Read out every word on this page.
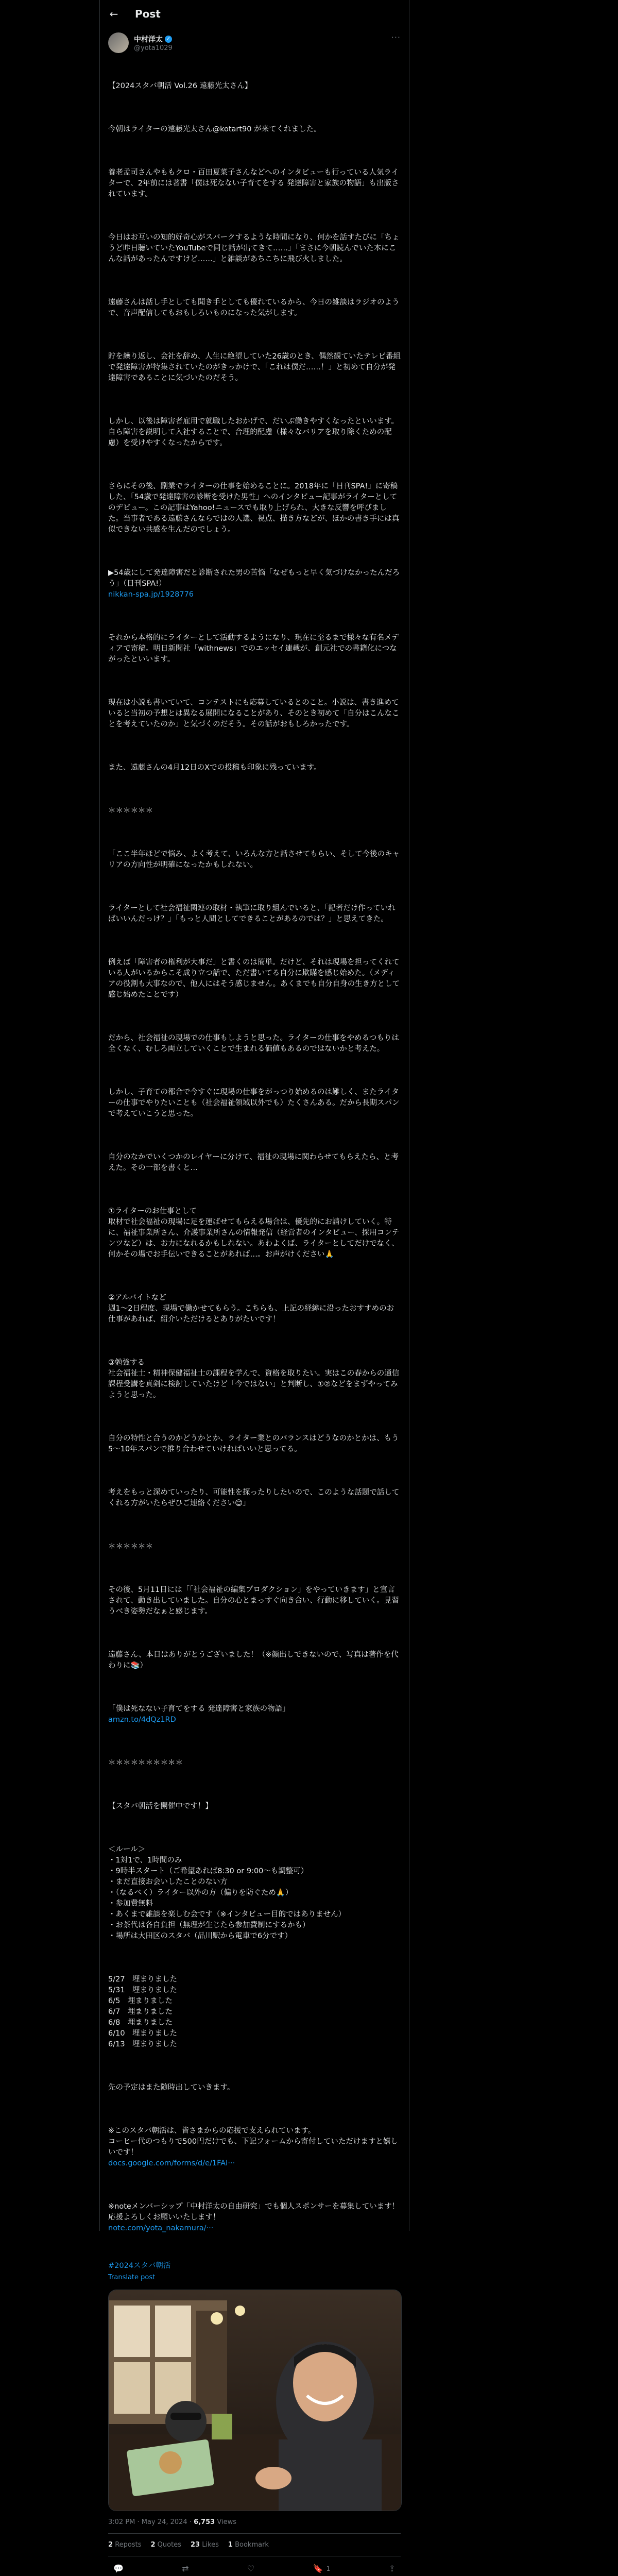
← Post
中村洋太 ✓
@yota1029
···

【2024スタバ朝活 Vol.26 遠藤光太さん】

今朝はライターの遠藤光太さん@kotart90 が来てくれました。

養老孟司さんやももクロ・百田夏菜子さんなどへのインタビューも行っている人気ライターで、2年前には著書「僕は死なない子育てをする 発達障害と家族の物語」も出版されています。

今日はお互いの知的好奇心がスパークするような時間になり、何かを話すたびに「ちょうど昨日聴いていたYouTubeで同じ話が出てきて……」「まさに今朝読んでいた本にこんな話があったんですけど……」と雑談があちこちに飛び火しました。

遠藤さんは話し手としても聞き手としても優れているから、今日の雑談はラジオのようで、音声配信してもおもしろいものになった気がします。

貯を繰り返し、会社を辞め、人生に絶望していた26歳のとき、偶然観ていたテレビ番組で発達障害が特集されていたのがきっかけで、「これは僕だ……！」と初めて自分が発達障害であることに気づいたのだそう。

しかし、以後は障害者雇用で就職したおかげで、だいぶ働きやすくなったといいます。自ら障害を説明して入社することで、合理的配慮（様々なバリアを取り除くための配慮）を受けやすくなったからです。

さらにその後、副業でライターの仕事を始めることに。2018年に「日刊SPA!」に寄稿した、「54歳で発達障害の診断を受けた男性」へのインタビュー記事がライターとしてのデビュー。この記事はYahoo!ニュースでも取り上げられ、大きな反響を呼びました。当事者である遠藤さんならではの人選、視点、描き方などが、ほかの書き手には真似できない共感を生んだのでしょう。

▶54歳にして発達障害だと診断された男の苦悩「なぜもっと早く気づけなかったんだろう」（日刊SPA!）
nikkan-spa.jp/1928776

それから本格的にライターとして活動するようになり、現在に至るまで様々な有名メディアで寄稿。明日新聞社「withnews」でのエッセイ連載が、創元社での書籍化につながったといいます。

現在は小説も書いていて、コンテストにも応募しているとのこと。小説は、書き進めていると当初の予想とは異なる展開になることがあり、そのとき初めて「自分はこんなことを考えていたのか」と気づくのだそう。その話がおもしろかったです。

また、遠藤さんの4月12日のXでの投稿も印象に残っています。

＊＊＊＊＊＊

「ここ半年ほどで悩み、よく考えて、いろんな方と話させてもらい、そして今後のキャリアの方向性が明確になったかもしれない。

ライターとして社会福祉関連の取材・執筆に取り組んでいると、「記者だけ作っていればいいんだっけ？」「もっと人間としてできることがあるのでは？」と思えてきた。

例えば「障害者の権利が大事だ」と書くのは簡単。だけど、それは現場を担ってくれている人がいるからこそ成り立つ話で、ただ書いてる自分に欺瞞を感じ始めた。（メディアの役割も大事なので、他人にはそう感じません。あくまでも自分自身の生き方として感じ始めたことです）

だから、社会福祉の現場での仕事もしようと思った。ライターの仕事をやめるつもりは全くなく、むしろ両立していくことで生まれる価値もあるのではないかと考えた。

しかし、子育ての都合で今すぐに現場の仕事をがっつり始めるのは難しく、またライターの仕事でやりたいことも（社会福祉領域以外でも）たくさんある。だから長期スパンで考えていこうと思った。

自分のなかでいくつかのレイヤーに分けて、福祉の現場に関わらせてもらえたら、と考えた。その一部を書くと…

①ライターのお仕事として
取材で社会福祉の現場に足を運ばせてもらえる場合は、優先的にお請けしていく。特に、福祉事業所さん、介護事業所さんの情報発信（経営者のインタビュー、採用コンテンツなど）は、お力になれるかもしれない。あわよくば、ライターとしてだけでなく、何かその場でお手伝いできることがあれば…。お声がけください🙏

②アルバイトなど
週1〜2日程度、現場で働かせてもらう。こちらも、上記の経緯に沿ったおすすめのお仕事があれば、紹介いただけるとありがたいです！

③勉強する
社会福祉士・精神保健福祉士の課程を学んで、資格を取りたい。実はこの春からの通信課程受講を真剣に検討していたけど「今ではない」と判断し、①②などをまずやってみようと思った。

自分の特性と合うのかどうかとか、ライター業とのバランスはどうなのかとかは、もう5〜10年スパンで推り合わせていければいいと思ってる。

考えをもっと深めていったり、可能性を探ったりしたいので、このような話題で話してくれる方がいたらぜひご連絡ください😊」

＊＊＊＊＊＊

その後、5月11日には「「社会福祉の編集プロダクション」をやっていきます」と宣言されて、動き出していました。自分の心とまっすぐ向き合い、行動に移していく。見習うべき姿勢だなぁと感じます。

遠藤さん、本日はありがとうございました！（※顔出しできないので、写真は著作を代わりに📚）

「僕は死なない子育てをする 発達障害と家族の物語」
amzn.to/4dQz1RD

＊＊＊＊＊＊＊＊＊＊

【スタバ朝活を開催中です！】

＜ルール＞
・1対1で、1時間のみ
・9時半スタート（ご希望あれば8:30 or 9:00〜も調整可）
・まだ直接お会いしたことのない方
・（なるべく）ライター以外の方（偏りを防ぐため🙏）
・参加費無料
・あくまで雑談を楽しむ会です（※インタビュー目的ではありません）
・お茶代は各自負担（無理が生じたら参加費制にするかも）
・場所は大田区のスタバ（品川駅から電車で6分です）

5/27　埋まりました
5/31　埋まりました
6/5　埋まりました
6/7　埋まりました
6/8　埋まりました
6/10　埋まりました
6/13　埋まりました

先の予定はまた随時出していきます。

※このスタバ朝活は、皆さまからの応援で支えられています。
コーヒー代のつもりで500円だけでも、下記フォームから寄付していただけますと嬉しいです！
docs.google.com/forms/d/e/1FAI···

※noteメンバーシップ「中村洋太の自由研究」でも個人スポンサーを募集しています！応援よろしくお願いいたします！
note.com/yota_nakamura/···

#2024スタバ朝活
Translate post
3:02 PM · May 24, 2024 · 6,753 Views
2 Reposts 2 Quotes 23 Likes 1 Bookmark
💬	⇄	♡	🔖 1	⇪
